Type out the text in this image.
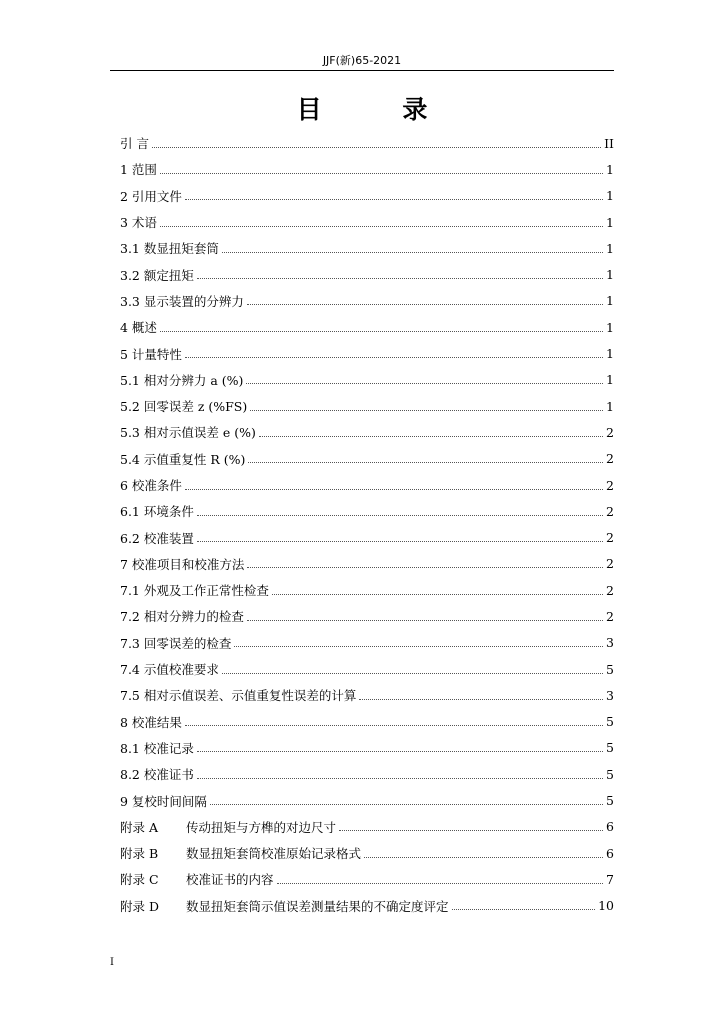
JJF(新)65-2021
目 录
引 言	II
1 范围	1
2 引用文件	1
3 术语	1
3.1 数显扭矩套筒	1
3.2 额定扭矩	1
3.3 显示装置的分辨力	1
4 概述	1
5 计量特性	1
5.1 相对分辨力 a (%)	1
5.2 回零误差 z (%FS)	1
5.3 相对示值误差 e (%)	2
5.4 示值重复性 R (%)	2
6 校准条件	2
6.1 环境条件	2
6.2 校准装置	2
7 校准项目和校准方法	2
7.1 外观及工作正常性检查	2
7.2 相对分辨力的检查	2
7.3 回零误差的检查	3
7.4 示值校准要求	5
7.5 相对示值误差、示值重复性误差的计算	3
8 校准结果	5
8.1 校准记录	5
8.2 校准证书	5
9 复校时间间隔	5
附录 A	传动扭矩与方榫的对边尺寸	6
附录 B	数显扭矩套筒校准原始记录格式	6
附录 C	校准证书的内容	7
附录 D	数显扭矩套筒示值误差测量结果的不确定度评定	10
I
